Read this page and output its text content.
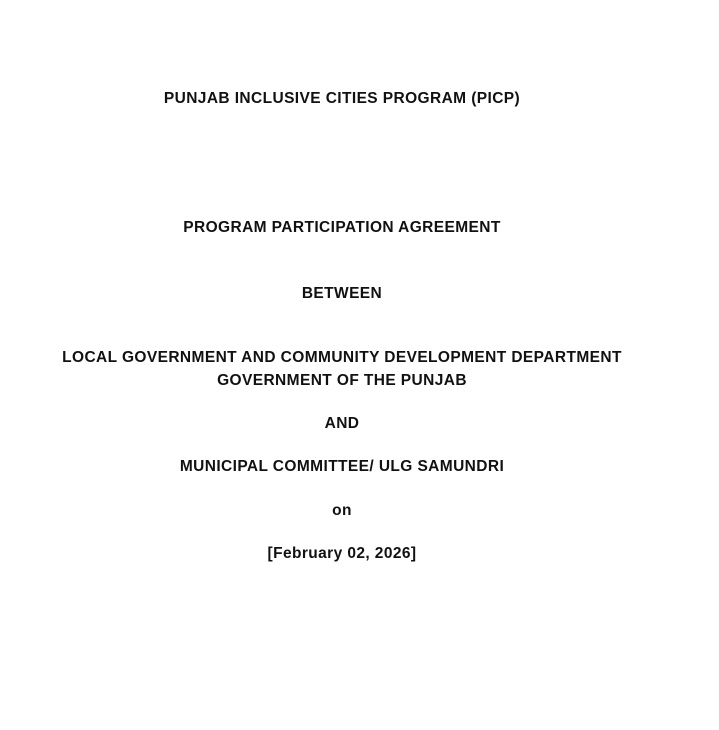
PUNJAB INCLUSIVE CITIES PROGRAM (PICP)
PROGRAM PARTICIPATION AGREEMENT
BETWEEN
LOCAL GOVERNMENT AND COMMUNITY DEVELOPMENT DEPARTMENT
GOVERNMENT OF THE PUNJAB
AND
MUNICIPAL COMMITTEE/ ULG SAMUNDRI
on
[February 02, 2026]
